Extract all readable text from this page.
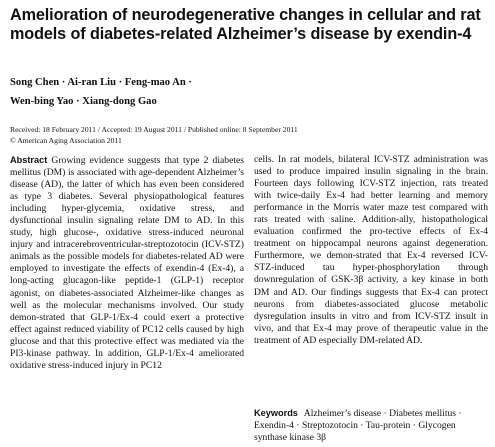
Amelioration of neurodegenerative changes in cellular and rat models of diabetes-related Alzheimer’s disease by exendin-4
Song Chen · Ai-ran Liu · Feng-mao An ·
Wen-bing Yao · Xiang-dong Gao
Received: 18 February 2011 / Accepted: 19 August 2011 / Published online: 8 September 2011
© American Aging Association 2011

Abstract Growing evidence suggests that type 2 diabetes mellitus (DM) is associated with age-dependent Alzheimer’s disease (AD), the latter of which has even been considered as type 3 diabetes. Several physiopathological features including hyper-glycemia, oxidative stress, and dysfunctional insulin signaling relate DM to AD. In this study, high glucose-, oxidative stress-induced neuronal injury and intracerebroventricular-streptozotocin (ICV-STZ) animals as the possible models for diabetes-related AD were employed to investigate the effects of exendin-4 (Ex-4), a long-acting glucagon-like peptide-1 (GLP-1) receptor agonist, on diabetes-associated Alzheimer-like changes as well as the molecular mechanisms involved. Our study demon-strated that GLP-1/Ex-4 could exert a protective effect against reduced viability of PC12 cells caused by high glucose and that this protective effect was mediated via the PI3-kinase pathway. In addition, GLP-1/Ex-4 ameliorated oxidative stress-induced injury in PC12

cells. In rat models, bilateral ICV-STZ administration was used to produce impaired insulin signaling in the brain. Fourteen days following ICV-STZ injection, rats treated with twice-daily Ex-4 had better learning and memory performance in the Morris water maze test compared with rats treated with saline. Addition-ally, histopathological evaluation confirmed the pro-tective effects of Ex-4 treatment on hippocampal neurons against degeneration. Furthermore, we demon-strated that Ex-4 reversed ICV-STZ-induced tau hyper-phosphorylation through downregulation of GSK-3β activity, a key kinase in both DM and AD. Our findings suggests that Ex-4 can protect neurons from diabetes-associated glucose metabolic dysregulation insults in vitro and from ICV-STZ insult in vivo, and that Ex-4 may prove of therapeutic value in the treatment of AD especially DM-related AD.

Keywords Alzheimer’s disease · Diabetes mellitus · Exendin-4 · Streptozotocin · Tau-protein · Glycogen synthase kinase 3β
